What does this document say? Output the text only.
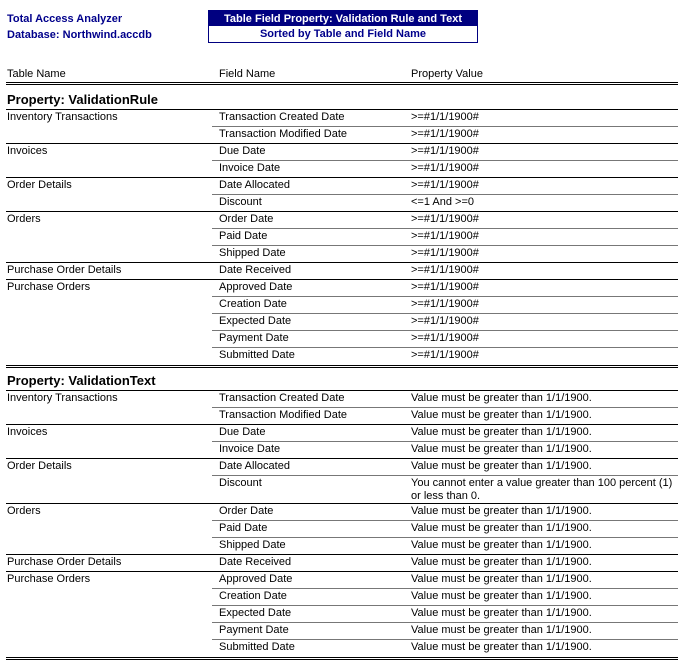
Total Access Analyzer
Database: Northwind.accdb
Table Field Property: Validation Rule and Text
Sorted by Table and Field Name
Table Name	Field Name	Property Value
Property: ValidationRule
Inventory Transactions	Transaction Created Date	>=#1/1/1900#
Transaction Modified Date	>=#1/1/1900#
Invoices	Due Date	>=#1/1/1900#
Invoice Date	>=#1/1/1900#
Order Details	Date Allocated	>=#1/1/1900#
Discount	<=1 And >=0
Orders	Order Date	>=#1/1/1900#
Paid Date	>=#1/1/1900#
Shipped Date	>=#1/1/1900#
Purchase Order Details	Date Received	>=#1/1/1900#
Purchase Orders	Approved Date	>=#1/1/1900#
Creation Date	>=#1/1/1900#
Expected Date	>=#1/1/1900#
Payment Date	>=#1/1/1900#
Submitted Date	>=#1/1/1900#
Property: ValidationText
Inventory Transactions	Transaction Created Date	Value must be greater than 1/1/1900.
Transaction Modified Date	Value must be greater than 1/1/1900.
Invoices	Due Date	Value must be greater than 1/1/1900.
Invoice Date	Value must be greater than 1/1/1900.
Order Details	Date Allocated	Value must be greater than 1/1/1900.
Discount	You cannot enter a value greater than 100 percent (1) or less than 0.
Orders	Order Date	Value must be greater than 1/1/1900.
Paid Date	Value must be greater than 1/1/1900.
Shipped Date	Value must be greater than 1/1/1900.
Purchase Order Details	Date Received	Value must be greater than 1/1/1900.
Purchase Orders	Approved Date	Value must be greater than 1/1/1900.
Creation Date	Value must be greater than 1/1/1900.
Expected Date	Value must be greater than 1/1/1900.
Payment Date	Value must be greater than 1/1/1900.
Submitted Date	Value must be greater than 1/1/1900.
